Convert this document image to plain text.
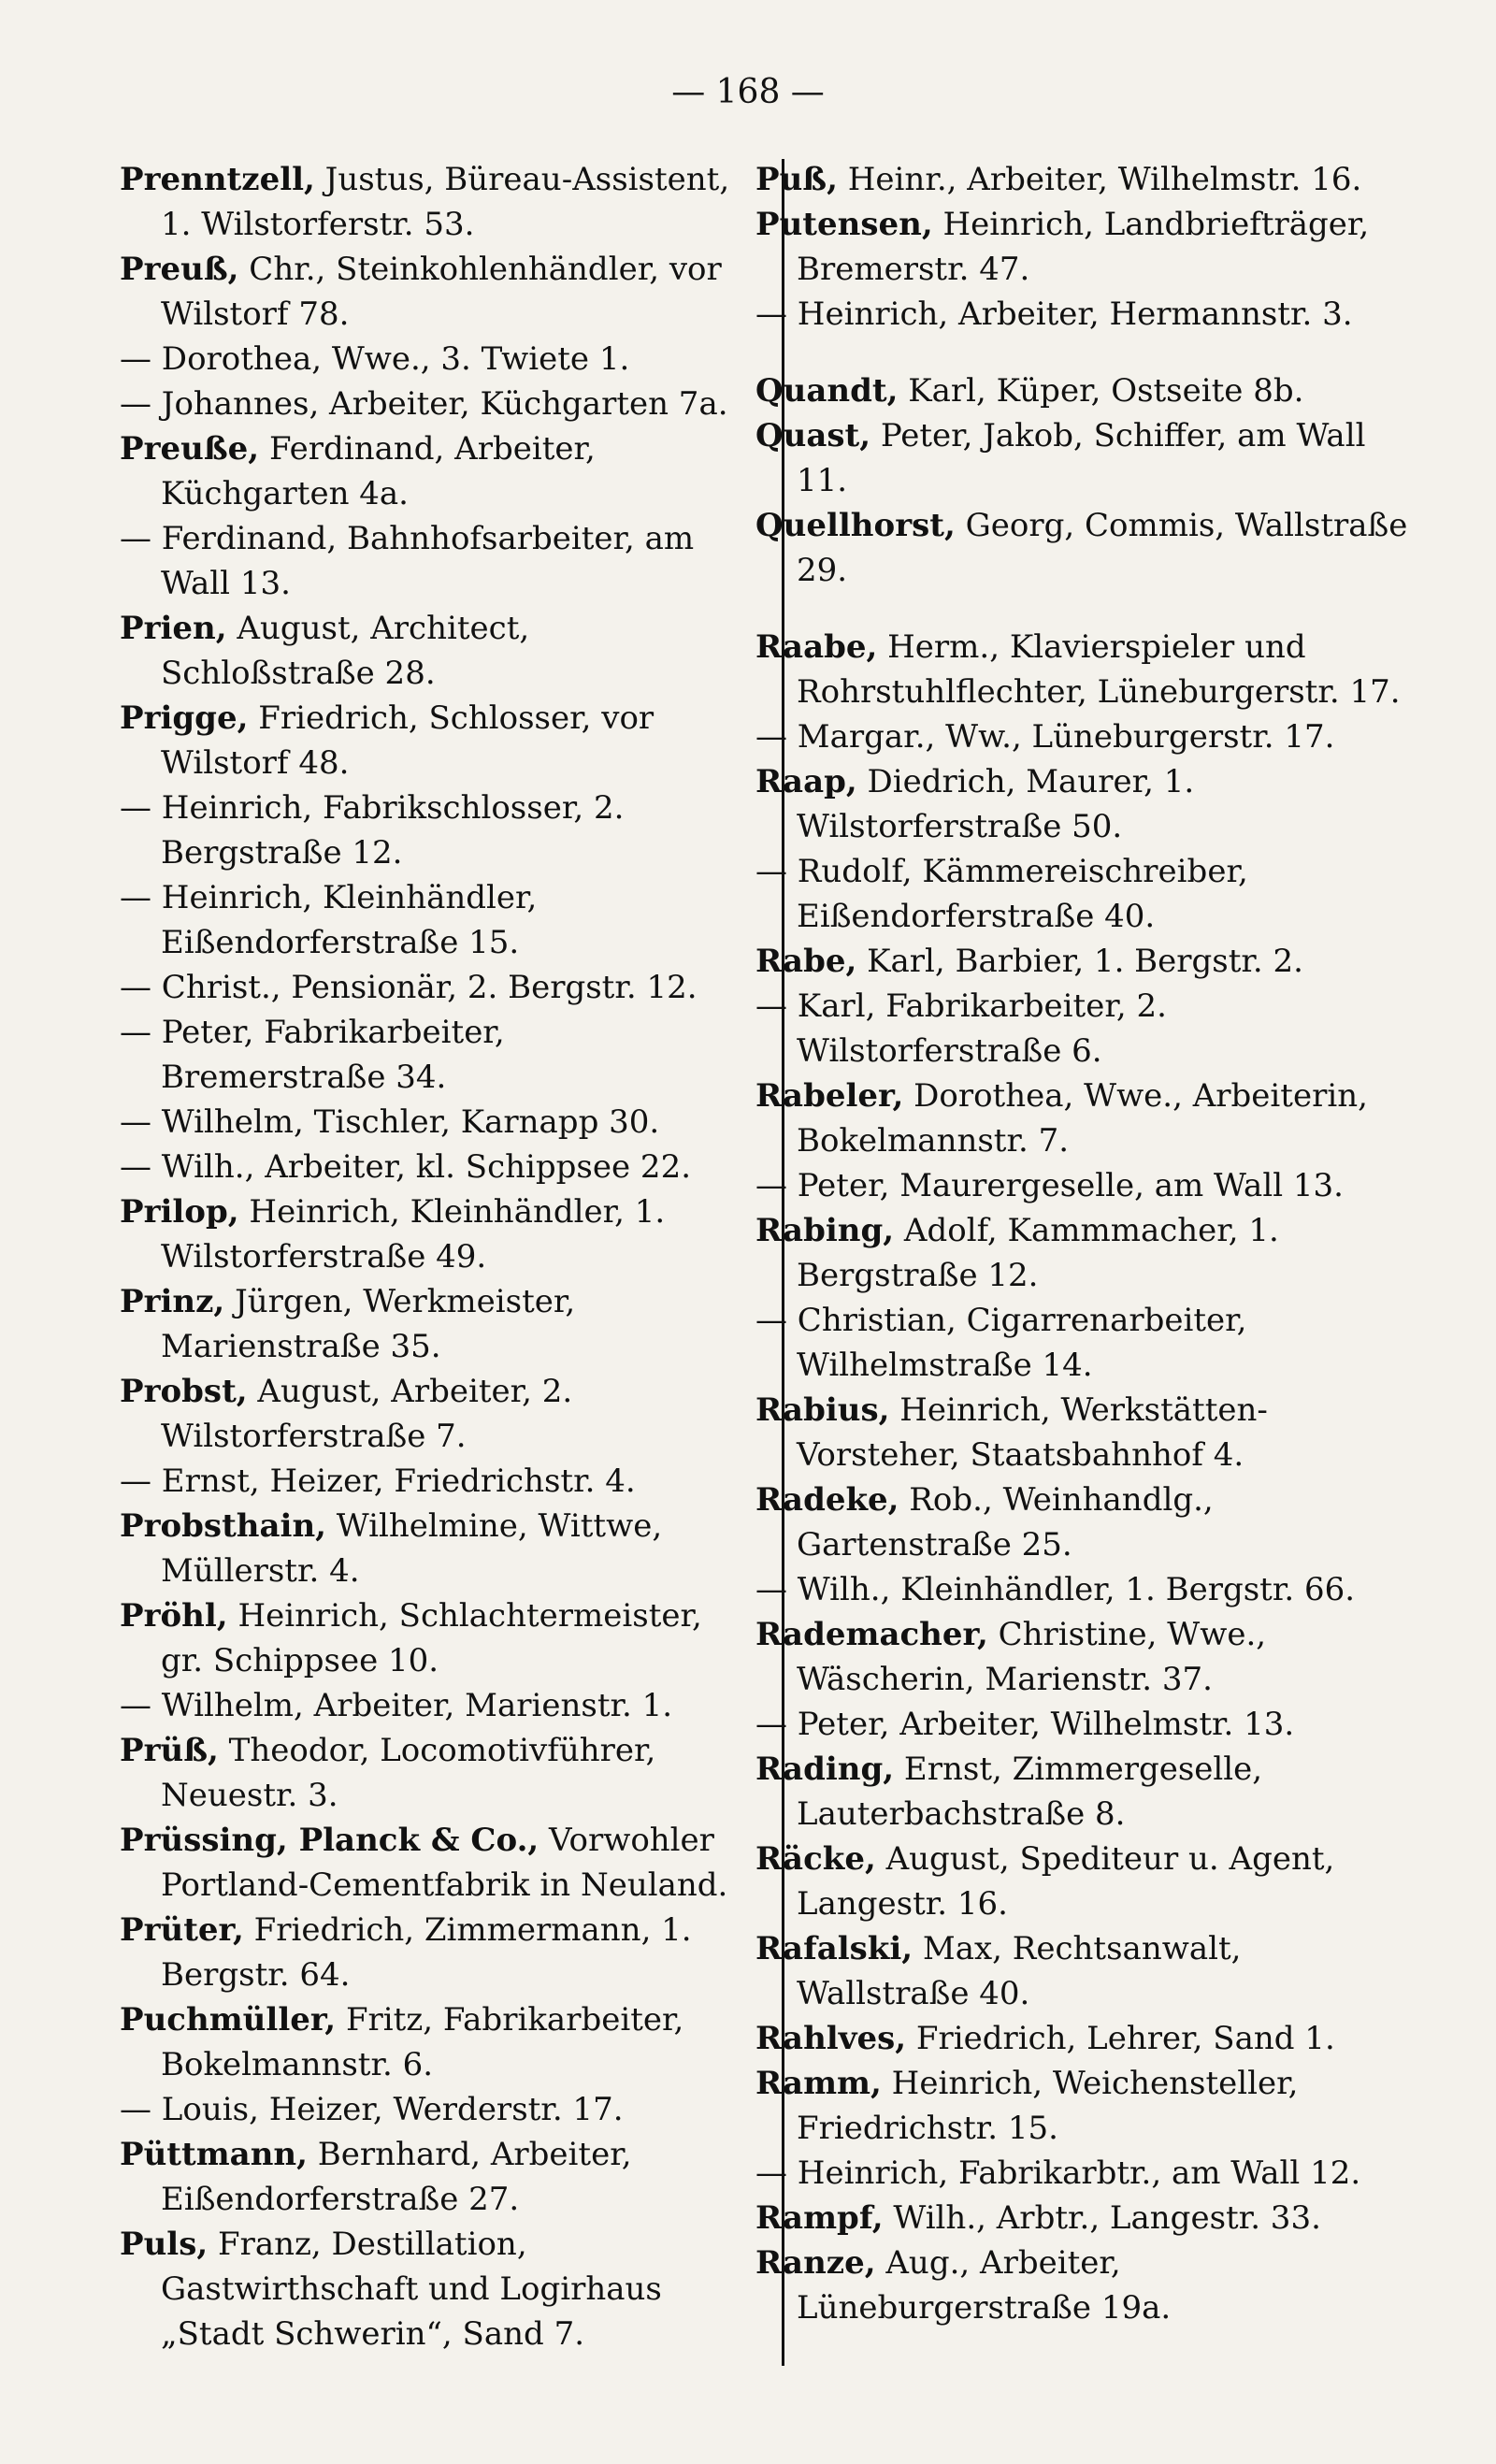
— 168 —
Prenntzell, Justus, Büreau-Assistent, 1. Wilstorferstr. 53.
Preuß, Chr., Steinkohlenhändler, vor Wilstorf 78.
— Dorothea, Wwe., 3. Twiete 1.
— Johannes, Arbeiter, Küchgarten 7a.
Preuße, Ferdinand, Arbeiter, Küchgarten 4a.
— Ferdinand, Bahnhofsarbeiter, am Wall 13.
Prien, August, Architect, Schloßstraße 28.
Prigge, Friedrich, Schlosser, vor Wilstorf 48.
— Heinrich, Fabrikschlosser, 2. Bergstraße 12.
— Heinrich, Kleinhändler, Eißendorferstraße 15.
— Christ., Pensionär, 2. Bergstr. 12.
— Peter, Fabrikarbeiter, Bremerstraße 34.
— Wilhelm, Tischler, Karnapp 30.
— Wilh., Arbeiter, kl. Schippsee 22.
Prilop, Heinrich, Kleinhändler, 1. Wilstorferstraße 49.
Prinz, Jürgen, Werkmeister, Marienstraße 35.
Probst, August, Arbeiter, 2. Wilstorferstraße 7.
— Ernst, Heizer, Friedrichstr. 4.
Probsthain, Wilhelmine, Wittwe, Müllerstr. 4.
Pröhl, Heinrich, Schlachtermeister, gr. Schippsee 10.
— Wilhelm, Arbeiter, Marienstr. 1.
Prüß, Theodor, Locomotivführer, Neuestr. 3.
Prüssing, Planck & Co., Vorwohler Portland-Cementfabrik in Neuland.
Prüter, Friedrich, Zimmermann, 1. Bergstr. 64.
Puchmüller, Fritz, Fabrikarbeiter, Bokelmannstr. 6.
— Louis, Heizer, Werderstr. 17.
Püttmann, Bernhard, Arbeiter, Eißendorferstraße 27.
Puls, Franz, Destillation, Gastwirthschaft und Logirhaus „Stadt Schwerin“, Sand 7.
Puß, Heinr., Arbeiter, Wilhelmstr. 16.
Putensen, Heinrich, Landbriefträger, Bremerstr. 47.
— Heinrich, Arbeiter, Hermannstr. 3.
Quandt, Karl, Küper, Ostseite 8b.
Quast, Peter, Jakob, Schiffer, am Wall 11.
Quellhorst, Georg, Commis, Wallstraße 29.
Raabe, Herm., Klavierspieler und Rohrstuhlflechter, Lüneburgerstr. 17.
— Margar., Ww., Lüneburgerstr. 17.
Raap, Diedrich, Maurer, 1. Wilstorferstraße 50.
— Rudolf, Kämmereischreiber, Eißendorferstraße 40.
Rabe, Karl, Barbier, 1. Bergstr. 2.
— Karl, Fabrikarbeiter, 2. Wilstorferstraße 6.
Rabeler, Dorothea, Wwe., Arbeiterin, Bokelmannstr. 7.
— Peter, Maurergeselle, am Wall 13.
Rabing, Adolf, Kammmacher, 1. Bergstraße 12.
— Christian, Cigarrenarbeiter, Wilhelmstraße 14.
Rabius, Heinrich, Werkstätten-Vorsteher, Staatsbahnhof 4.
Radeke, Rob., Weinhandlg., Gartenstraße 25.
— Wilh., Kleinhändler, 1. Bergstr. 66.
Rademacher, Christine, Wwe., Wäscherin, Marienstr. 37.
— Peter, Arbeiter, Wilhelmstr. 13.
Rading, Ernst, Zimmergeselle, Lauterbachstraße 8.
Räcke, August, Spediteur u. Agent, Langestr. 16.
Rafalski, Max, Rechtsanwalt, Wallstraße 40.
Rahlves, Friedrich, Lehrer, Sand 1.
Ramm, Heinrich, Weichensteller, Friedrichstr. 15.
— Heinrich, Fabrikarbtr., am Wall 12.
Rampf, Wilh., Arbtr., Langestr. 33.
Ranze, Aug., Arbeiter, Lüneburgerstraße 19a.
